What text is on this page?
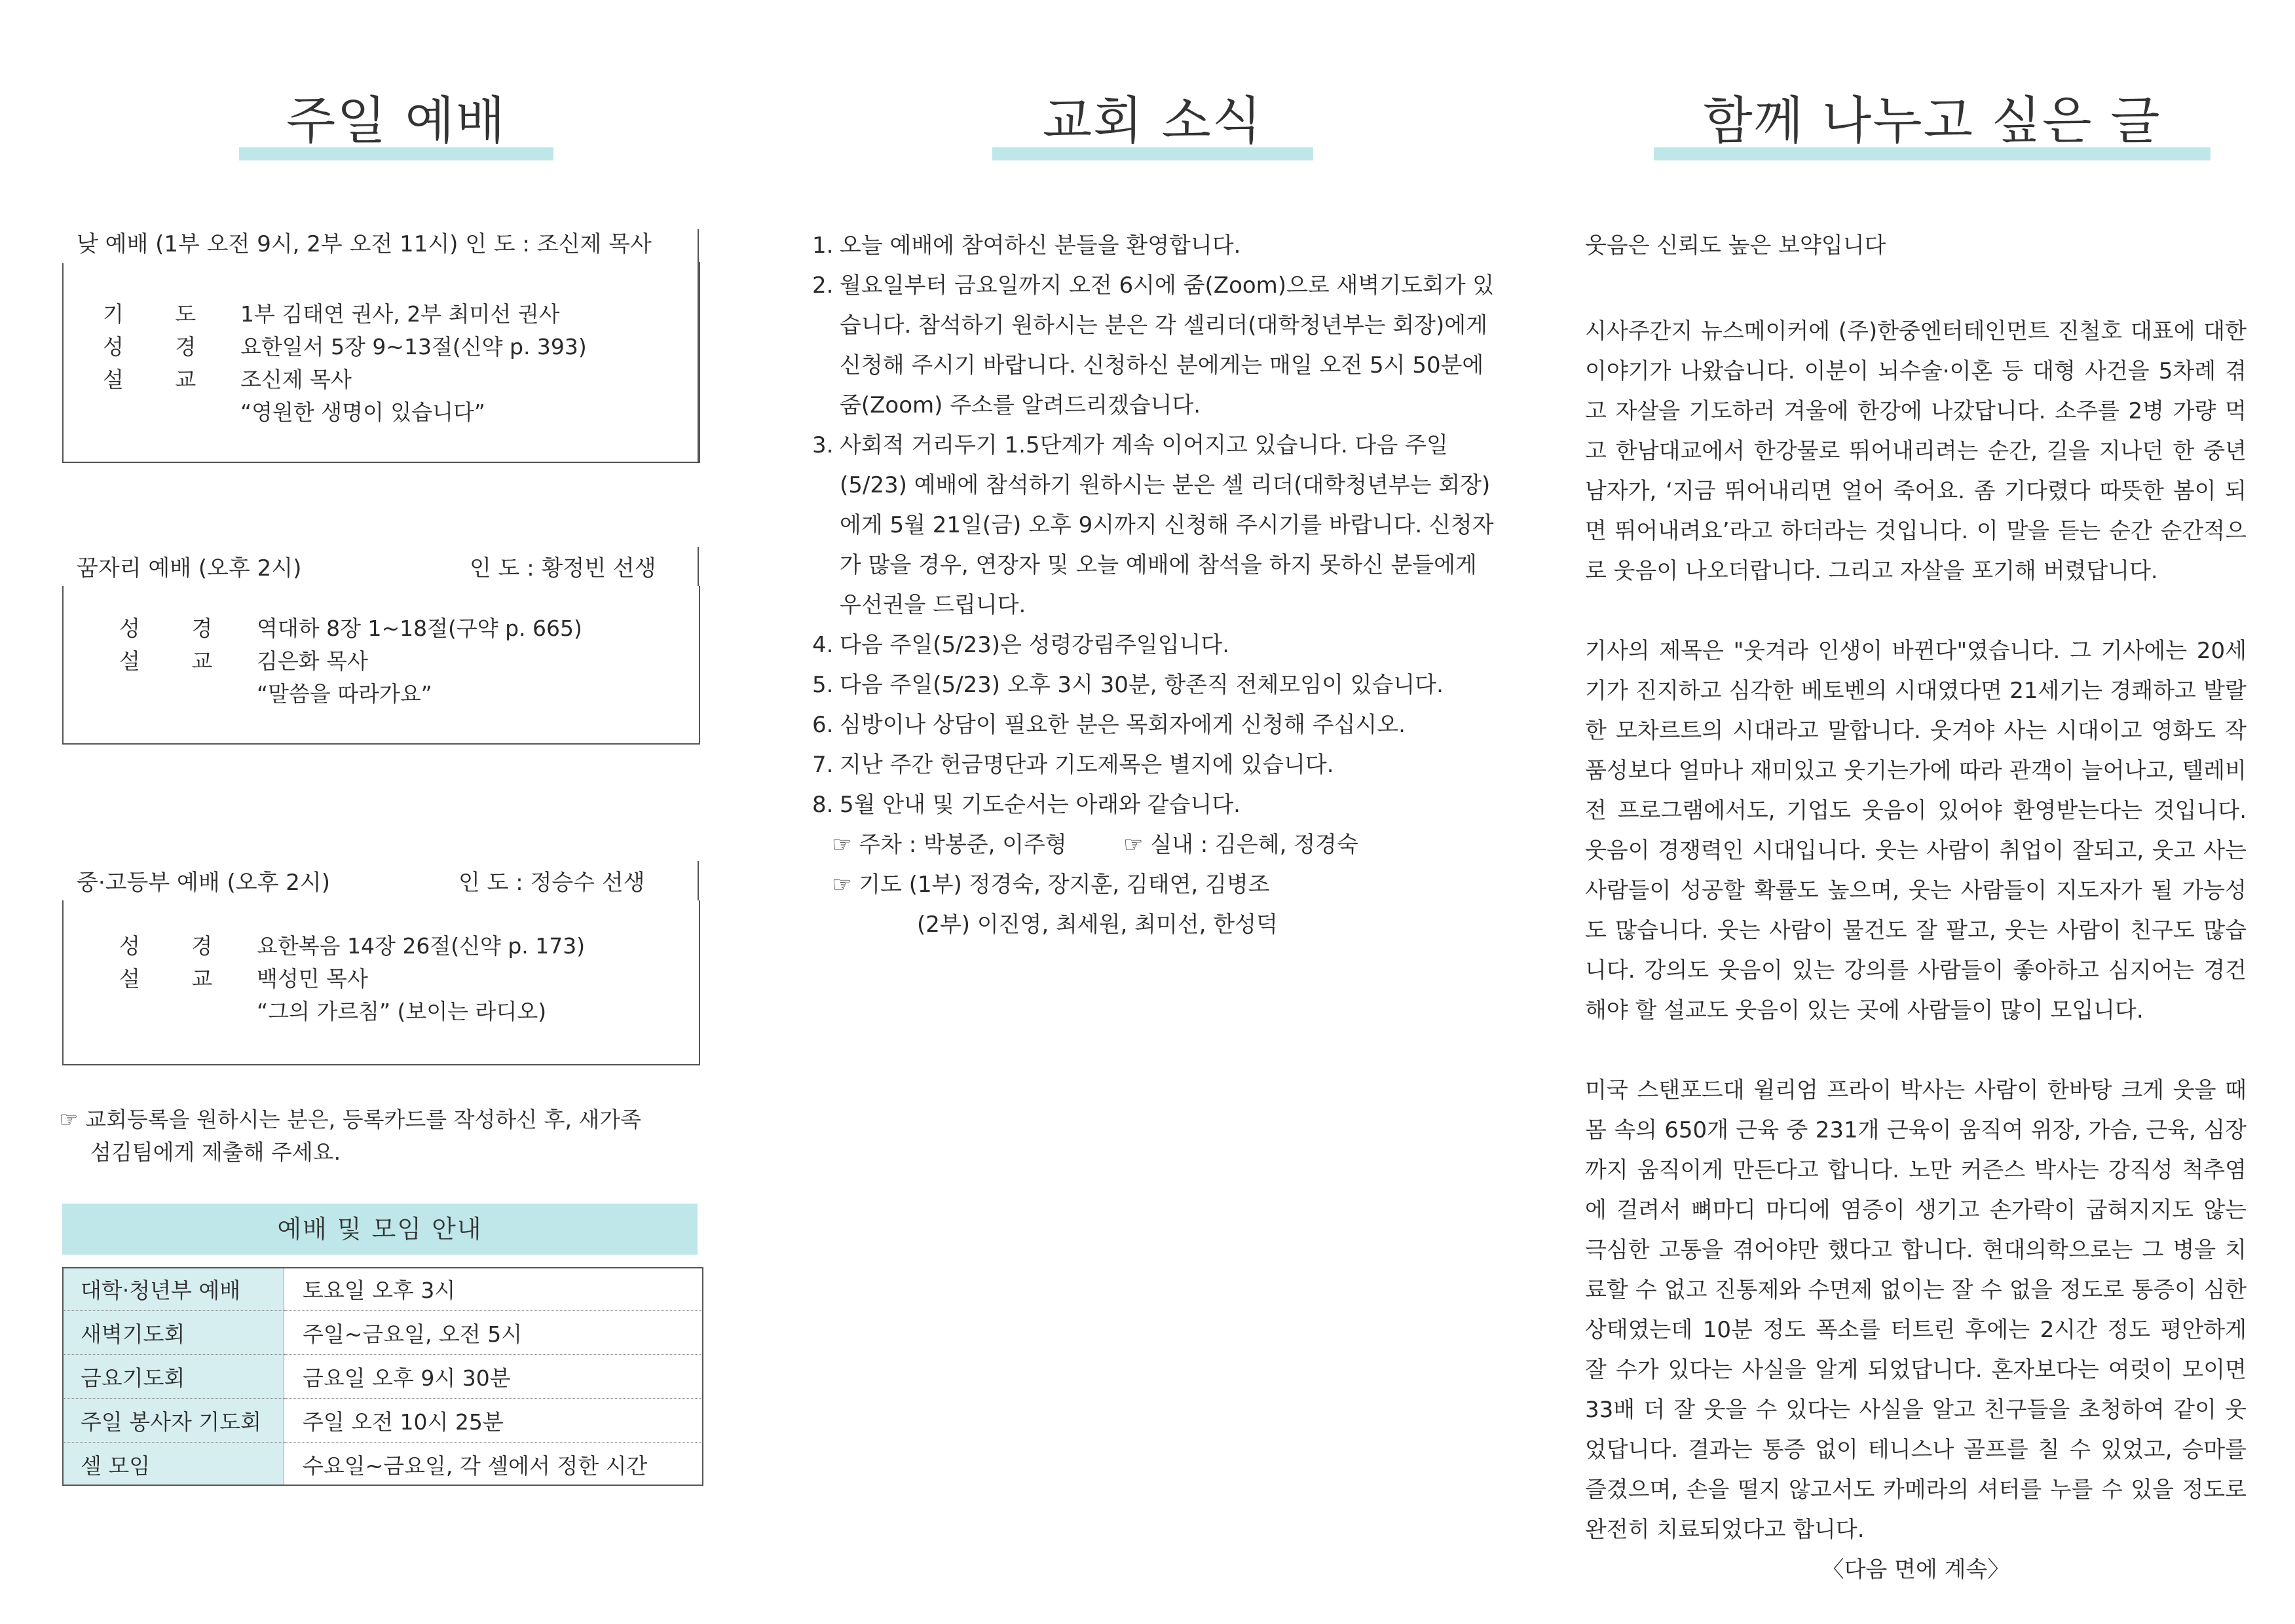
주일 예배
낮 예배 (1부 오전 9시, 2부 오전 11시) 인 도 : 조신제 목사
기 도	1부 김태연 권사, 2부 최미선 권사
성 경	요한일서 5장 9~13절(신약 p. 393)
설 교	조신제 목사
“영원한 생명이 있습니다”
꿈자리 예배 (오후 2시)	인 도 : 황정빈 선생
성 경	역대하 8장 1~18절(구약 p. 665)
설 교	김은화 목사
“말씀을 따라가요”
중·고등부 예배 (오후 2시)	인 도 : 정승수 선생
성 경	요한복음 14장 26절(신약 p. 173)
설 교	백성민 목사
“그의 가르침” (보이는 라디오)
☞ 교회등록을 원하시는 분은, 등록카드를 작성하신 후, 새가족
섬김팀에게 제출해 주세요.
예배 및 모임 안내
대학·청년부 예배	토요일 오후 3시
새벽기도회	주일~금요일, 오전 5시
금요기도회	금요일 오후 9시 30분
주일 봉사자 기도회	주일 오전 10시 25분
셀 모임	수요일~금요일, 각 셀에서 정한 시간
교회 소식
1. 오늘 예배에 참여하신 분들을 환영합니다.
2. 월요일부터 금요일까지 오전 6시에 줌(Zoom)으로 새벽기도회가 있습니다. 참석하기 원하시는 분은 각 셀리더(대학청년부는 회장)에게 신청해 주시기 바랍니다. 신청하신 분에게는 매일 오전 5시 50분에 줌(Zoom) 주소를 알려드리겠습니다.
3. 사회적 거리두기 1.5단계가 계속 이어지고 있습니다. 다음 주일(5/23) 예배에 참석하기 원하시는 분은 셀 리더(대학청년부는 회장)에게 5월 21일(금) 오후 9시까지 신청해 주시기를 바랍니다. 신청자가 많을 경우, 연장자 및 오늘 예배에 참석을 하지 못하신 분들에게 우선권을 드립니다.
4. 다음 주일(5/23)은 성령강림주일입니다.
5. 다음 주일(5/23) 오후 3시 30분, 항존직 전체모임이 있습니다.
6. 심방이나 상담이 필요한 분은 목회자에게 신청해 주십시오.
7. 지난 주간 헌금명단과 기도제목은 별지에 있습니다.
8. 5월 안내 및 기도순서는 아래와 같습니다.
☞ 주차 : 박봉준, 이주형	☞ 실내 : 김은혜, 정경숙
☞ 기도 (1부) 정경숙, 장지훈, 김태연, 김병조
(2부) 이진영, 최세원, 최미선, 한성덕
함께 나누고 싶은 글

웃음은 신뢰도 높은 보약입니다

시사주간지 뉴스메이커에 (주)한중엔터테인먼트 진철호 대표에 대한 이야기가 나왔습니다. 이분이 뇌수술·이혼 등 대형 사건을 5차례 겪고 자살을 기도하러 겨울에 한강에 나갔답니다. 소주를 2병 가량 먹고 한남대교에서 한강물로 뛰어내리려는 순간, 길을 지나던 한 중년 남자가, ‘지금 뛰어내리면 얼어 죽어요. 좀 기다렸다 따뜻한 봄이 되면 뛰어내려요’라고 하더라는 것입니다. 이 말을 듣는 순간 순간적으로 웃음이 나오더랍니다. 그리고 자살을 포기해 버렸답니다.

기사의 제목은 "웃겨라 인생이 바뀐다"였습니다. 그 기사에는 20세기가 진지하고 심각한 베토벤의 시대였다면 21세기는 경쾌하고 발랄한 모차르트의 시대라고 말합니다. 웃겨야 사는 시대이고 영화도 작품성보다 얼마나 재미있고 웃기는가에 따라 관객이 늘어나고, 텔레비전 프로그램에서도, 기업도 웃음이 있어야 환영받는다는 것입니다. 웃음이 경쟁력인 시대입니다. 웃는 사람이 취업이 잘되고, 웃고 사는 사람들이 성공할 확률도 높으며, 웃는 사람들이 지도자가 될 가능성도 많습니다. 웃는 사람이 물건도 잘 팔고, 웃는 사람이 친구도 많습니다. 강의도 웃음이 있는 강의를 사람들이 좋아하고 심지어는 경건해야 할 설교도 웃음이 있는 곳에 사람들이 많이 모입니다.

미국 스탠포드대 윌리엄 프라이 박사는 사람이 한바탕 크게 웃을 때 몸 속의 650개 근육 중 231개 근육이 움직여 위장, 가슴, 근육, 심장까지 움직이게 만든다고 합니다. 노만 커즌스 박사는 강직성 척추염에 걸려서 뼈마디 마디에 염증이 생기고 손가락이 굽혀지지도 않는 극심한 고통을 겪어야만 했다고 합니다. 현대의학으로는 그 병을 치료할 수 없고 진통제와 수면제 없이는 잘 수 없을 정도로 통증이 심한 상태였는데 10분 정도 폭소를 터트린 후에는 2시간 정도 평안하게 잘 수가 있다는 사실을 알게 되었답니다. 혼자보다는 여럿이 모이면 33배 더 잘 웃을 수 있다는 사실을 알고 친구들을 초청하여 같이 웃었답니다. 결과는 통증 없이 테니스나 골프를 칠 수 있었고, 승마를 즐겼으며, 손을 떨지 않고서도 카메라의 셔터를 누를 수 있을 정도로 완전히 치료되었다고 합니다.

〈다음 면에 계속〉
